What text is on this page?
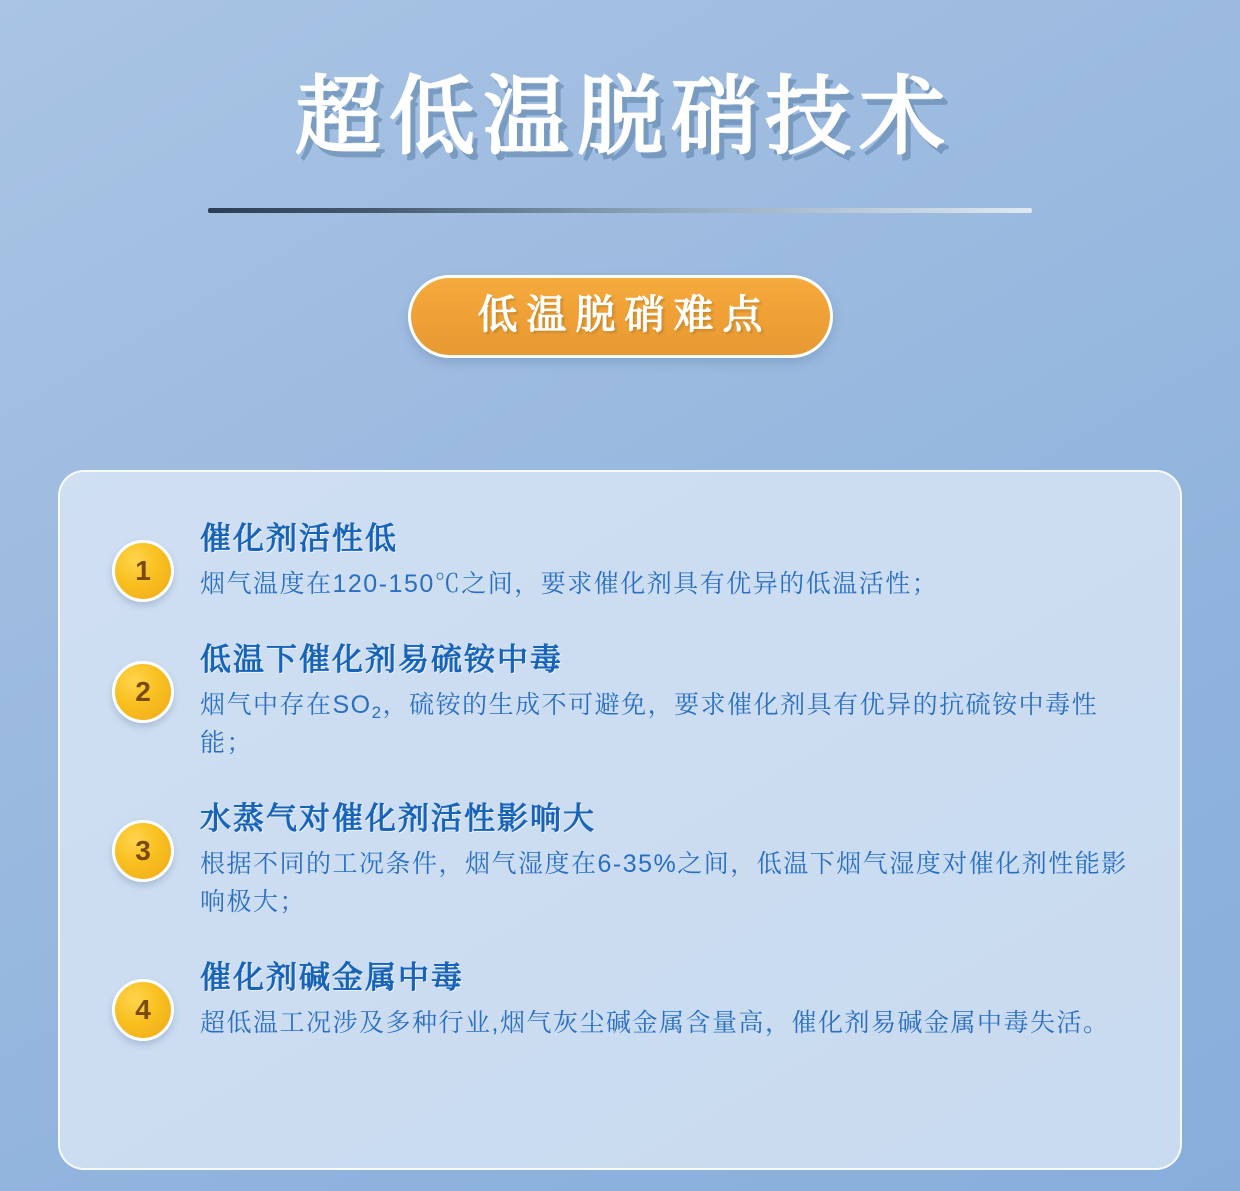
超低温脱硝技术
低温脱硝难点
1

催化剂活性低

烟气温度在120-150℃之间，要求催化剂具有优异的低温活性；

2

低温下催化剂易硫铵中毒

烟气中存在$SO_2$，硫铵的生成不可避免，要求催化剂具有优异的抗硫铵中毒性能；

3

水蒸气对催化剂活性影响大

根据不同的工况条件，烟气湿度在6-35%之间，低温下烟气湿度对催化剂性能影响极大；

4

催化剂碱金属中毒

超低温工况涉及多种行业,烟气灰尘碱金属含量高，催化剂易碱金属中毒失活。
